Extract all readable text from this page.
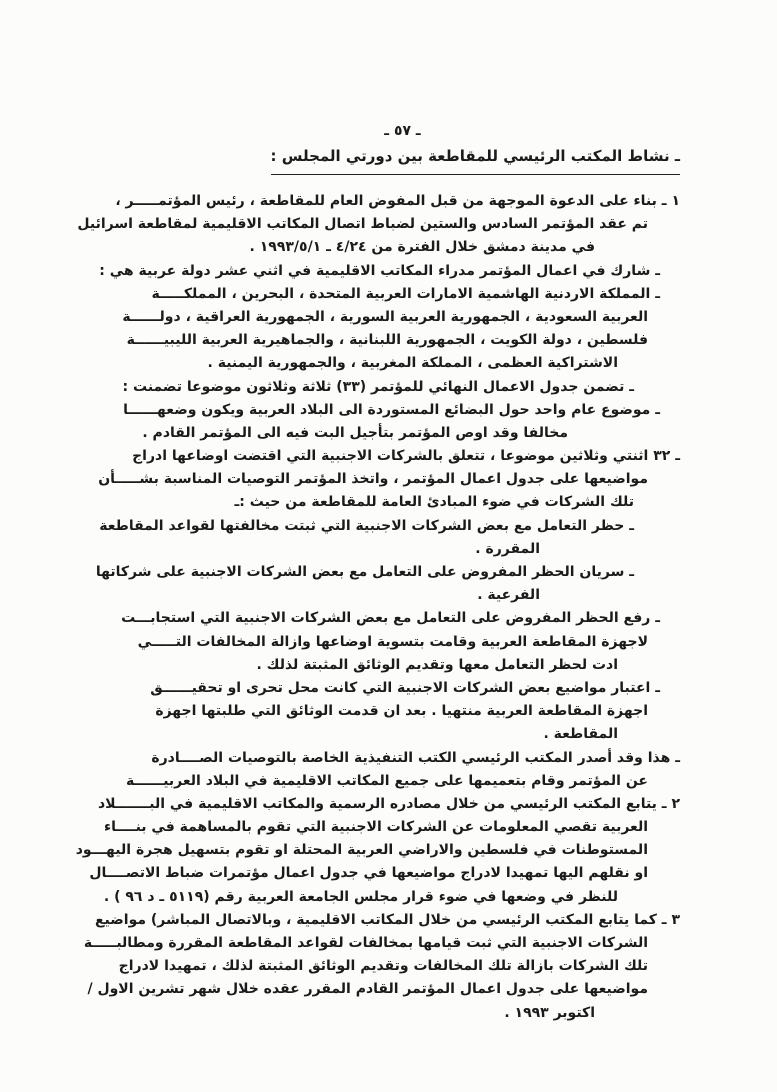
ـ ٥٧ ـ
ـ نشاط المكتب الرئيسي للمقاطعة بين دورتي المجلس :
١ ـ بناء على الدعوة الموجهة من قبل المفوض العام للمقاطعة ، رئيس المؤتمـــــر ،
تم عقد المؤتمر السادس والستين لضباط اتصال المكاتب الاقليمية لمقاطعة اسرائيل
في مدينة دمشق خلال الفترة من ٤/٢٤ ـ ١٩٩٣/٥/١ .
ـ شارك في اعمال المؤتمر مدراء المكاتب الاقليمية في اثني عشر دولة عربية هي :
ـ المملكة الاردنية الهاشمية الامارات العربية المتحدة ، البحرين ، المملكـــــة
العربية السعودية ، الجمهورية العربية السورية ، الجمهورية العراقية ، دولــــــة
فلسطين ، دولة الكويت ، الجمهورية اللبنانية ، والجماهيرية العربية الليبيــــــة
الاشتراكية العظمى ، المملكة المغربية ، والجمهورية اليمنية .
ـ تضمن جدول الاعمال النهائي للمؤتمر (٣٣) ثلاثة وثلاثون موضوعا تضمنت :
ـ موضوع عام واحد حول البضائع المستوردة الى البلاد العربية ويكون وضعهــــــا
مخالفا وقد اوص المؤتمر بتأجيل البت فيه الى المؤتمر القادم .
ـ ٣٢ اثنتي وثلاثين موضوعا ، تتعلق بالشركات الاجنبية التي اقتضت اوضاعها ادراج
مواضيعها على جدول اعمال المؤتمر ، واتخذ المؤتمر التوصيات المناسبة بشـــــأن
تلك الشركات في ضوء المبادئ العامة للمقاطعة من حيث :ـ
ـ حظر التعامل مع بعض الشركات الاجنبية التي ثبتت مخالفتها لقواعد المقاطعة
المقررة .
ـ سريان الحظر المفروض على التعامل مع بعض الشركات الاجنبية على شركاتها
الفرعية .
ـ رفع الحظر المفروض على التعامل مع بعض الشركات الاجنبية التي استجابـــت
لاجهزة المقاطعة العربية وقامت بتسوية اوضاعها وازالة المخالفات التـــــي
ادت لحظر التعامل معها وتقديم الوثائق المثبتة لذلك .
ـ اعتبار مواضيع بعض الشركات الاجنبية التي كانت محل تحرى او تحقيــــــق
اجهزة المقاطعة العربية منتهيا . بعد ان قدمت الوثائق التي طلبتها اجهزة
المقاطعة .
ـ هذا وقد أصدر المكتب الرئيسي الكتب التنفيذية الخاصة بالتوصيات الصــــادرة
عن المؤتمر وقام بتعميمها على جميع المكاتب الاقليمية في البلاد العربيــــــة
٢ ـ يتابع المكتب الرئيسي من خلال مصادره الرسمية والمكاتب الاقليمية في البـــــــلاد
العربية تقصي المعلومات عن الشركات الاجنبية التي تقوم بالمساهمة في بنــــاء
المستوطنات في فلسطين والاراضي العربية المحتلة او تقوم بتسهيل هجرة اليهـــود
او نقلهم اليها تمهيدا لادراج مواضيعها في جدول اعمال مؤتمرات ضباط الاتصــــال
للنظر في وضعها في ضوء قرار مجلس الجامعة العربية رقم (٥١١٩ ـ د ٩٦ ) .
٣ ـ كما يتابع المكتب الرئيسي من خلال المكاتب الاقليمية ، وبالاتصال المباشر) مواضيع
الشركات الاجنبية التي ثبت قيامها بمخالفات لقواعد المقاطعة المقررة ومطالبـــــة
تلك الشركات بازالة تلك المخالفات وتقديم الوثائق المثبتة لذلك ، تمهيدا لادراج
مواضيعها على جدول اعمال المؤتمر القادم المقرر عقده خلال شهر تشرين الاول /
اكتوبر ١٩٩٣ .
